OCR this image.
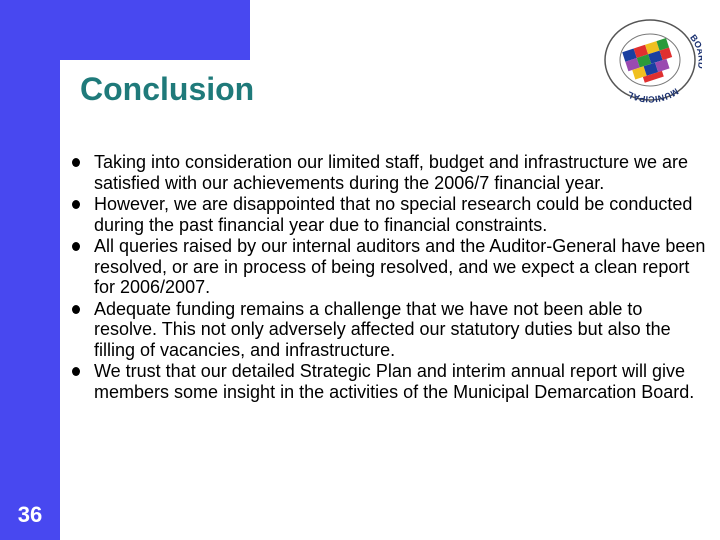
Conclusion
B
MUNICIPAL
Taking into consideration our limited staff, budget and infrastructure we are satisfied with our achievements during the 2006/7 financial year.
However, we are disappointed that no special research could be conducted during the past financial year due to financial constraints.
All queries raised by our internal auditors and the Auditor-General have been resolved, or are in process of being resolved, and we expect a clean report for 2006/2007.
Adequate funding remains a challenge that we have not been able to resolve. This not only adversely affected our statutory duties but also the filling of vacancies, and infrastructure.
We trust that our detailed Strategic Plan and interim annual report will give members some insight in the activities of the Municipal Demarcation Board.
36
